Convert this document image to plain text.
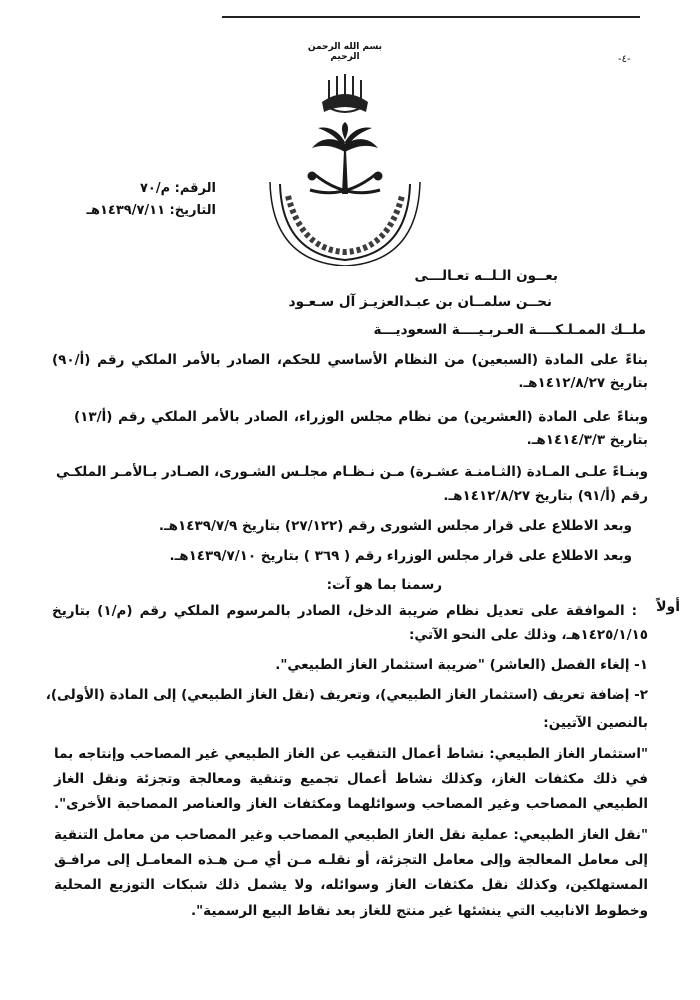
-٤-
بسم الله الرحمن الرحيم
الرقم: م/٧٠
التاريخ: ١٤٣٩/٧/١١هـ
بعــون الـلــه تعـالـــى
نحــن سلمــان بن عبـدالعزيـز آل سـعـود
ملــك الممـلـكــــة العـربـيــــة السعوديـــة
بناءً على المادة (السبعين) من النظام الأساسي للحكم، الصادر بالأمر الملكي رقم (أ/٩٠)
بتاريخ ١٤١٢/٨/٢٧هـ.
وبناءً على المادة (العشرين) من نظام مجلس الوزراء، الصادر بالأمر الملكي رقم (أ/١٣)
بتاريخ ١٤١٤/٣/٣هـ.
وبنـاءً علـى المـادة (الثـامنـة عشـرة) مـن نـظـام مجلـس الشـورى، الصـادر بـالأمـر الملكـي
رقم (أ/٩١) بتاريخ ١٤١٢/٨/٢٧هـ.
وبعد الاطلاع على قرار مجلس الشورى رقم (٢٧/١٢٢) بتاريخ ١٤٣٩/٧/٩هـ.
وبعد الاطلاع على قرار مجلس الوزراء رقم ( ٣٦٩ ) بتاريخ ١٤٣٩/٧/١٠هـ.
رسمنا بما هو آت:
أولاً
: الموافقة على تعديل نظام ضريبة الدخل، الصادر بالمرسوم الملكي رقم (م/١) بتاريخ
١٤٢٥/١/١٥هـ، وذلك على النحو الآتي:
١- إلغاء الفصل (العاشر) "ضريبة استثمار الغاز الطبيعي".
٢- إضافة تعريف (استثمار الغاز الطبيعي)، وتعريف (نقل الغاز الطبيعي) إلى المادة (الأولى)،
بالنصين الآتيين:
"استثمار الغاز الطبيعي: نشاط أعمال التنقيب عن الغاز الطبيعي غير المصاحب وإنتاجه بما
في ذلك مكثفات الغاز، وكذلك نشاط أعمال تجميع وتنقية ومعالجة وتجزئة ونقل الغاز
الطبيعي المصاحب وغير المصاحب وسوائلهما ومكثفات الغاز والعناصر المصاحبة الأخرى".
"نقل الغاز الطبيعي: عملية نقل الغاز الطبيعي المصاحب وغير المصاحب من معامل التنقية
إلى معامل المعالجة وإلى معامل التجزئة، أو نقلـه مـن أي مـن هـذه المعامـل إلى مرافـق
المستهلكين، وكذلك نقل مكثفات الغاز وسوائله، ولا يشمل ذلك شبكات التوزيع المحلية
وخطوط الانابيب التي ينشئها غير منتج للغاز بعد نقاط البيع الرسمية".
